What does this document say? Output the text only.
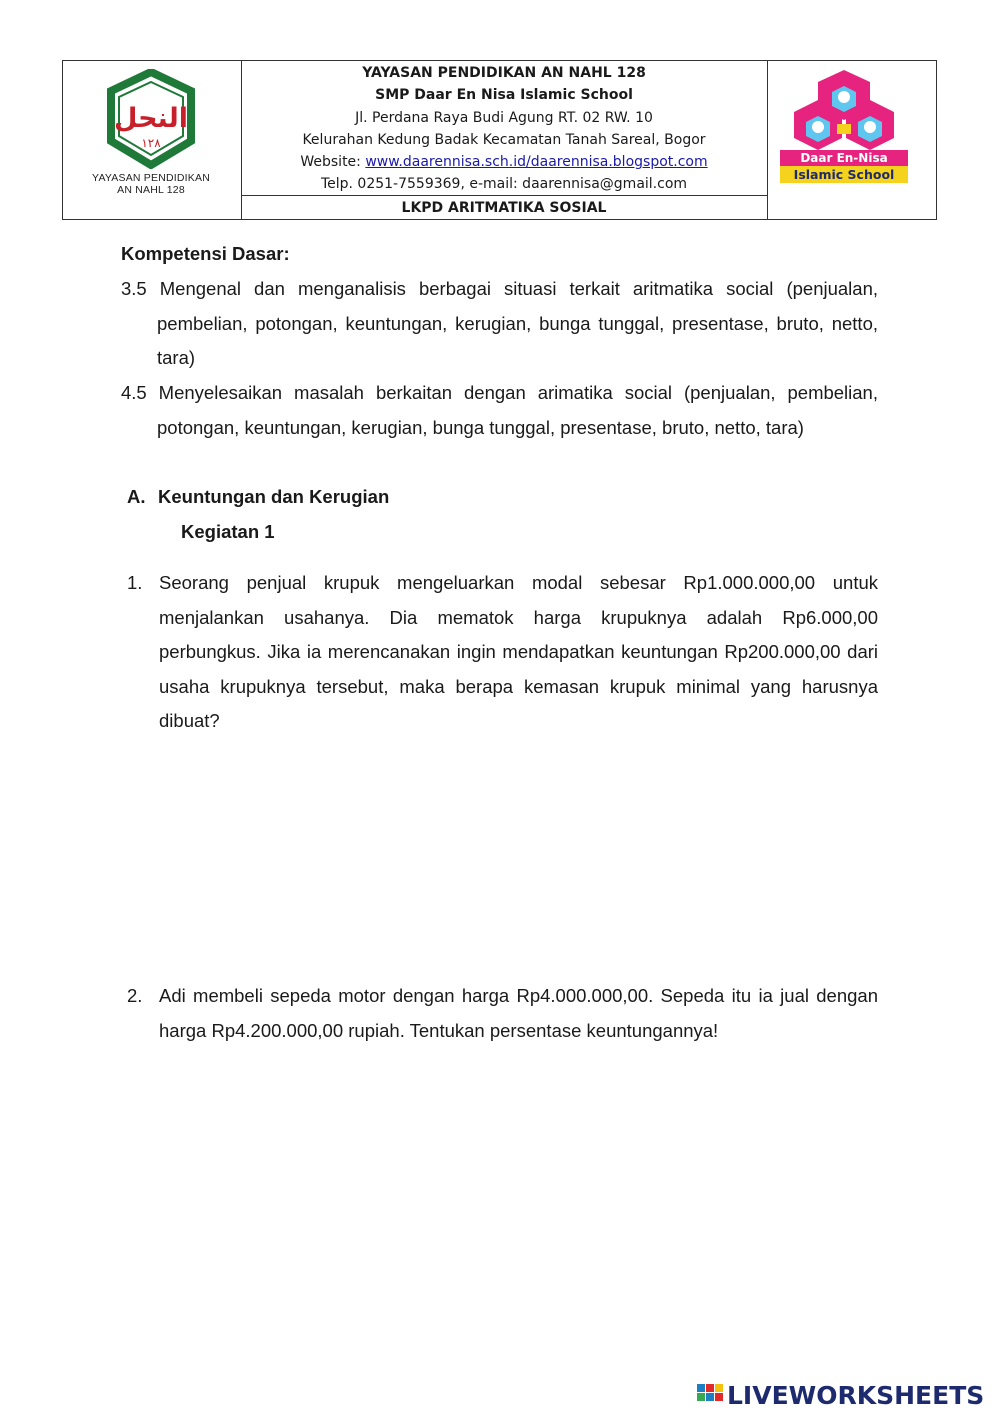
النحل
١٢٨
YAYASAN PENDIDIKAN
AN NAHL 128
YAYASAN PENDIDIKAN AN NAHL 128
SMP Daar En Nisa Islamic School
Jl. Perdana Raya Budi Agung RT. 02 RW. 10
Kelurahan Kedung Badak Kecamatan Tanah Sareal, Bogor
Website: www.daarennisa.sch.id/daarennisa.blogspot.com
Telp. 0251-7559369, e-mail: daarennisa@gmail.com
LKPD ARITMATIKA SOSIAL
Daar En-Nisa
Islamic School
Kompetensi Dasar:
3.5 Mengenal dan menganalisis berbagai situasi terkait aritmatika social (penjualan, pembelian, potongan, keuntungan, kerugian, bunga tunggal, presentase, bruto, netto, tara)
4.5 Menyelesaikan masalah berkaitan dengan arimatika social (penjualan, pembelian, potongan, keuntungan, kerugian, bunga tunggal, presentase, bruto, netto, tara)
A. Keuntungan dan Kerugian
Kegiatan 1
1. Seorang penjual krupuk mengeluarkan modal sebesar Rp1.000.000,00 untuk menjalankan usahanya. Dia mematok harga krupuknya adalah Rp6.000,00 perbungkus. Jika ia merencanakan ingin mendapatkan keuntungan Rp200.000,00 dari usaha krupuknya tersebut, maka berapa kemasan krupuk minimal yang harusnya dibuat?
2. Adi membeli sepeda motor dengan harga Rp4.000.000,00. Sepeda itu ia jual dengan harga Rp4.200.000,00 rupiah. Tentukan persentase keuntungannya!
LIVEWORKSHEETS
